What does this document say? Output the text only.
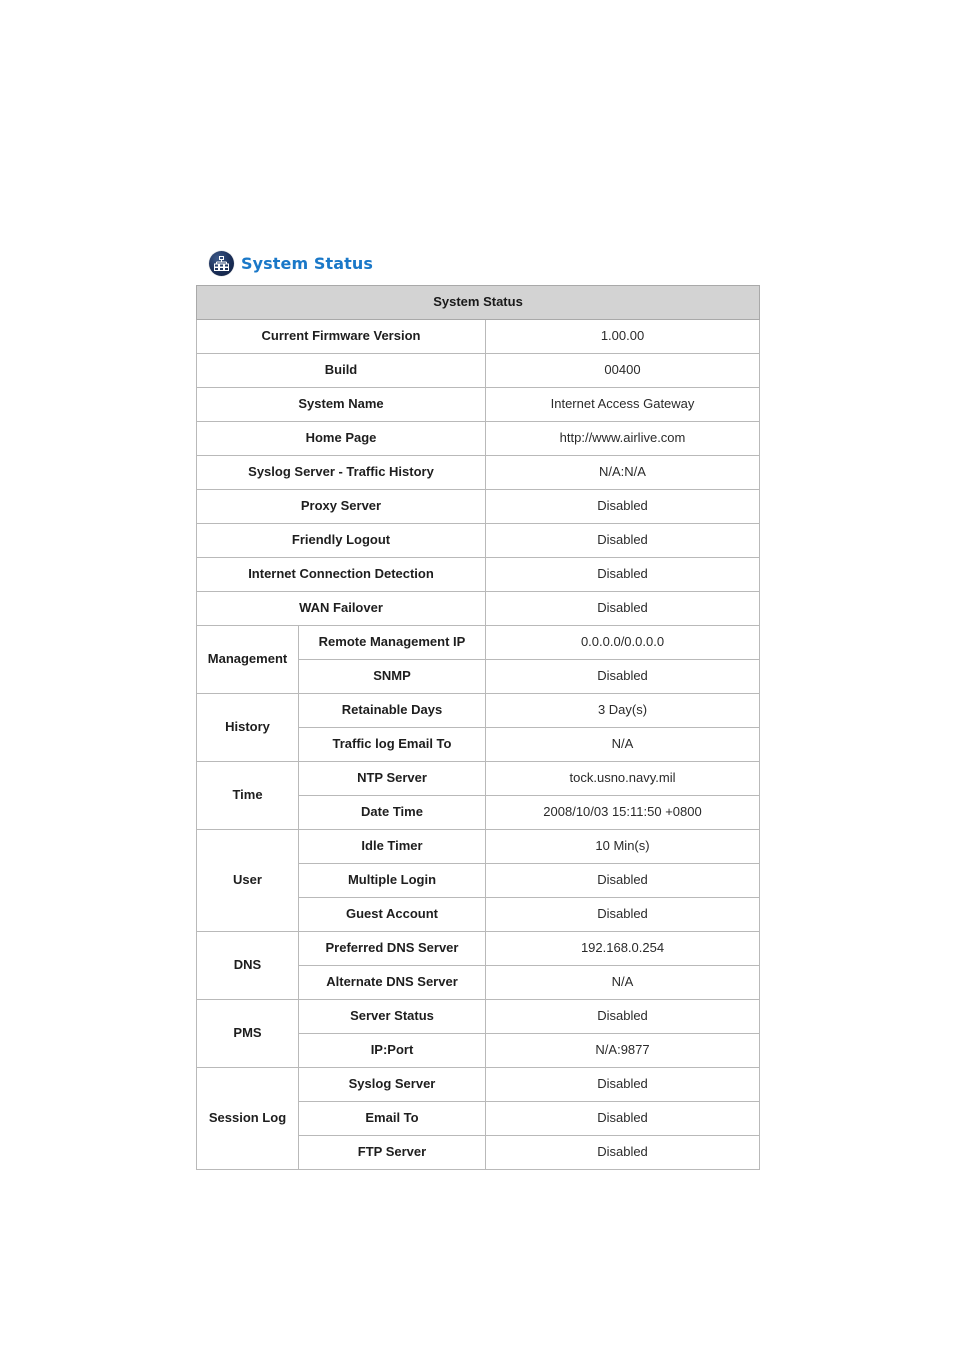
System Status
System Status		
Current Firmware Version		1.00.00
Build		00400
System Name		Internet Access Gateway
Home Page		http://www.airlive.com
Syslog Server - Traffic History		N/A:N/A
Proxy Server		Disabled
Friendly Logout		Disabled
Internet Connection Detection		Disabled
WAN Failover		Disabled
Management	Remote Management IP	0.0.0.0/0.0.0.0
	SNMP	Disabled
History	Retainable Days	3 Day(s)
	Traffic log Email To	N/A
Time	NTP Server	tock.usno.navy.mil
	Date Time	2008/10/03 15:11:50 +0800
User	Idle Timer	10 Min(s)
	Multiple Login	Disabled
	Guest Account	Disabled
DNS	Preferred DNS Server	192.168.0.254
	Alternate DNS Server	N/A
PMS	Server Status	Disabled
	IP:Port	N/A:9877
Session Log	Syslog Server	Disabled
	Email To	Disabled
	FTP Server	Disabled
